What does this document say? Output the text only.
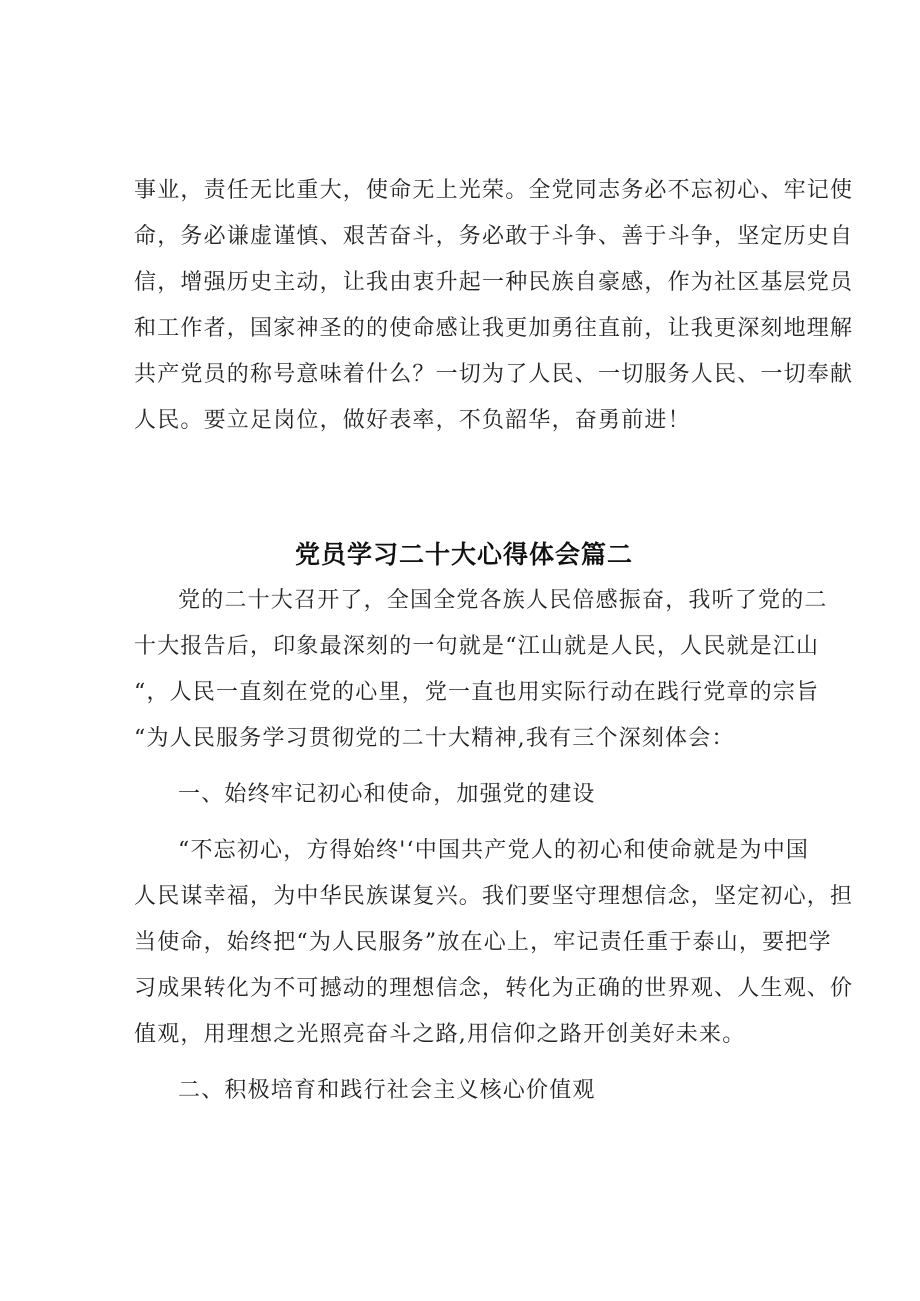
事业，责任无比重大，使命无上光荣。全党同志务必不忘初心、牢记使

命，务必谦虚谨慎、艰苦奋斗，务必敢于斗争、善于斗争，坚定历史自

信，增强历史主动，让我由衷升起一种民族自豪感，作为社区基层党员

和工作者，国家神圣的的使命感让我更加勇往直前，让我更深刻地理解

共产党员的称号意味着什么？一切为了人民、一切服务人民、一切奉献

人民。要立足岗位，做好表率，不负韶华，奋勇前进！

党员学习二十大心得体会篇二

党的二十大召开了，全国全党各族人民倍感振奋，我听了党的二

十大报告后，印象最深刻的一句就是“江山就是人民，人民就是江山

“，人民一直刻在党的心里，党一直也用实际行动在践行党章的宗旨

“为人民服务学习贯彻党的二十大精神,我有三个深刻体会：

一、始终牢记初心和使命，加强党的建设

“不忘初心，方得始终'‘中国共产党人的初心和使命就是为中国

人民谋幸福，为中华民族谋复兴。我们要坚守理想信念，坚定初心，担

当使命，始终把“为人民服务”放在心上，牢记责任重于泰山，要把学

习成果转化为不可撼动的理想信念，转化为正确的世界观、人生观、价

值观，用理想之光照亮奋斗之路,用信仰之路开创美好未来。

二、积极培育和践行社会主义核心价值观
